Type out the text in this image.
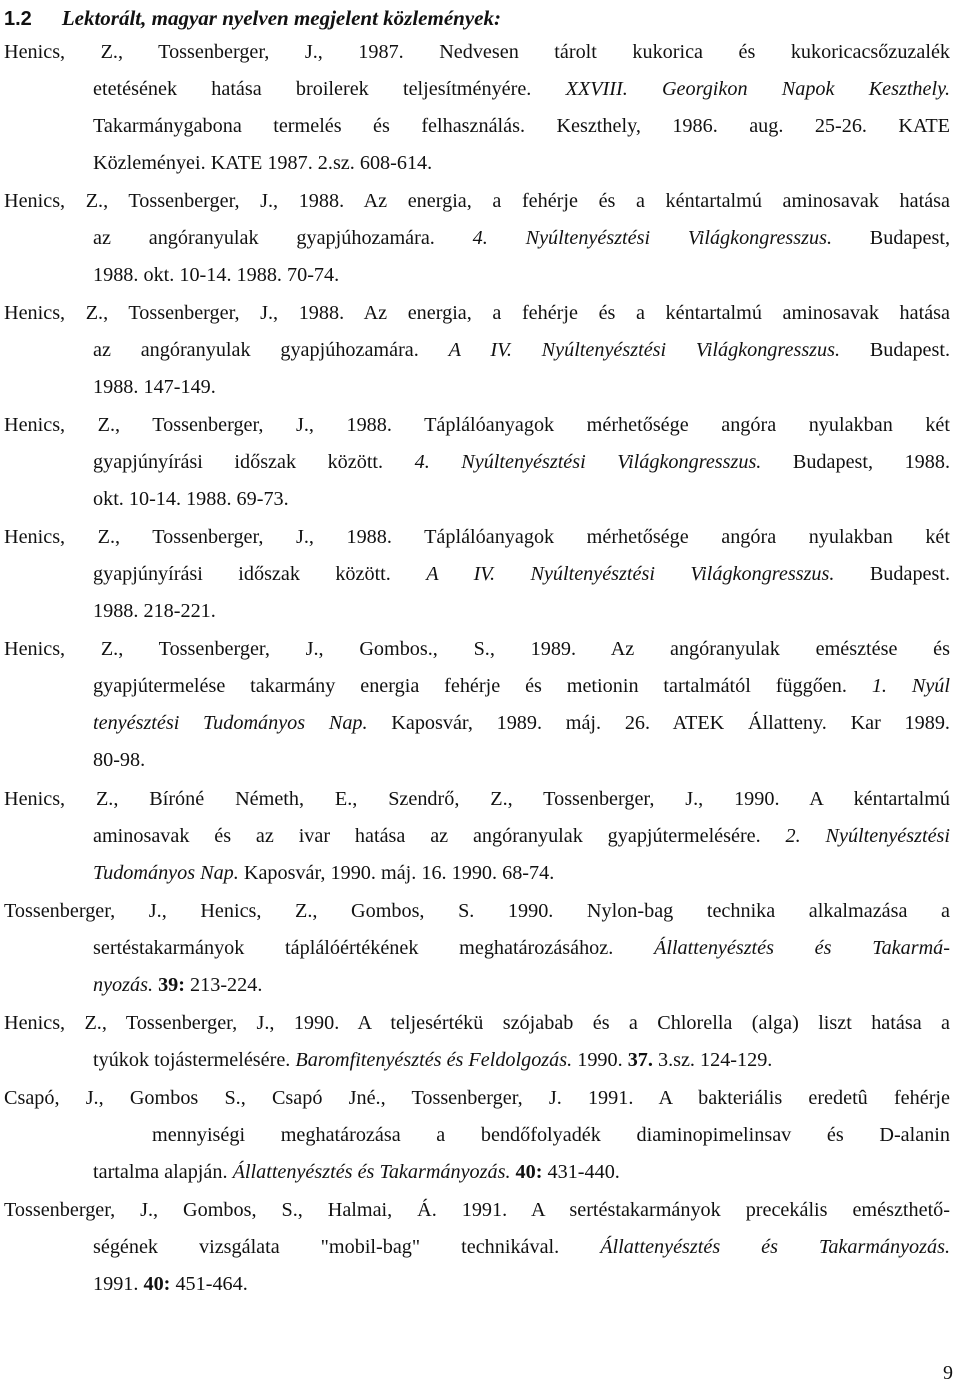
1.2 Lektorált, magyar nyelven megjelent közlemények:
Henics, Z., Tossenberger, J., 1987. Nedvesen tárolt kukorica és kukoricacsőzuzalék
etetésének hatása broilerek teljesítményére. XXVIII. Georgikon Napok Keszthely.
Takarmánygabona termelés és felhasználás. Keszthely, 1986. aug. 25-26. KATE
Közleményei. KATE 1987. 2.sz. 608-614.
Henics, Z., Tossenberger, J., 1988. Az energia, a fehérje és a kéntartalmú aminosavak hatása
az angóranyulak gyapjúhozamára. 4. Nyúltenyésztési Világkongresszus. Budapest,
1988. okt. 10-14. 1988. 70-74.
Henics, Z., Tossenberger, J., 1988. Az energia, a fehérje és a kéntartalmú aminosavak hatása
az angóranyulak gyapjúhozamára. A IV. Nyúltenyésztési Világkongresszus. Budapest.
1988. 147-149.
Henics, Z., Tossenberger, J., 1988. Táplálóanyagok mérhetősége angóra nyulakban két
gyapjúnyírási időszak között. 4. Nyúltenyésztési Világkongresszus. Budapest, 1988.
okt. 10-14. 1988. 69-73.
Henics, Z., Tossenberger, J., 1988. Táplálóanyagok mérhetősége angóra nyulakban két
gyapjúnyírási időszak között. A IV. Nyúltenyésztési Világkongresszus. Budapest.
1988. 218-221.
Henics, Z., Tossenberger, J., Gombos., S., 1989. Az angóranyulak emésztése és
gyapjútermelése takarmány energia fehérje és metionin tartalmától függően. 1. Nyúl
tenyésztési Tudományos Nap. Kaposvár, 1989. máj. 26. ATEK Állatteny. Kar 1989.
80-98.
Henics, Z., Bíróné Németh, E., Szendrő, Z., Tossenberger, J., 1990. A kéntartalmú
aminosavak és az ivar hatása az angóranyulak gyapjútermelésére. 2. Nyúltenyésztési
Tudományos Nap. Kaposvár, 1990. máj. 16. 1990. 68-74.
Tossenberger, J., Henics, Z., Gombos, S. 1990. Nylon-bag technika alkalmazása a
sertéstakarmányok táplálóértékének meghatározásához. Állattenyésztés és Takarmá-
nyozás. 39: 213-224.
Henics, Z., Tossenberger, J., 1990. A teljesértékü szójabab és a Chlorella (alga) liszt hatása a
tyúkok tojástermelésére. Baromfitenyésztés és Feldolgozás. 1990. 37. 3.sz. 124-129.
Csapó, J., Gombos S., Csapó Jné., Tossenberger, J. 1991. A bakteriális eredetû fehérje
mennyiségi meghatározása a bendőfolyadék diaminopimelinsav és D-alanin
tartalma alapján. Állattenyésztés és Takarmányozás. 40: 431-440.
Tossenberger, J., Gombos, S., Halmai, Á. 1991. A sertéstakarmányok precekális emészthető-
ségének vizsgálata "mobil-bag" technikával. Állattenyésztés és Takarmányozás.
1991. 40: 451-464.
9
